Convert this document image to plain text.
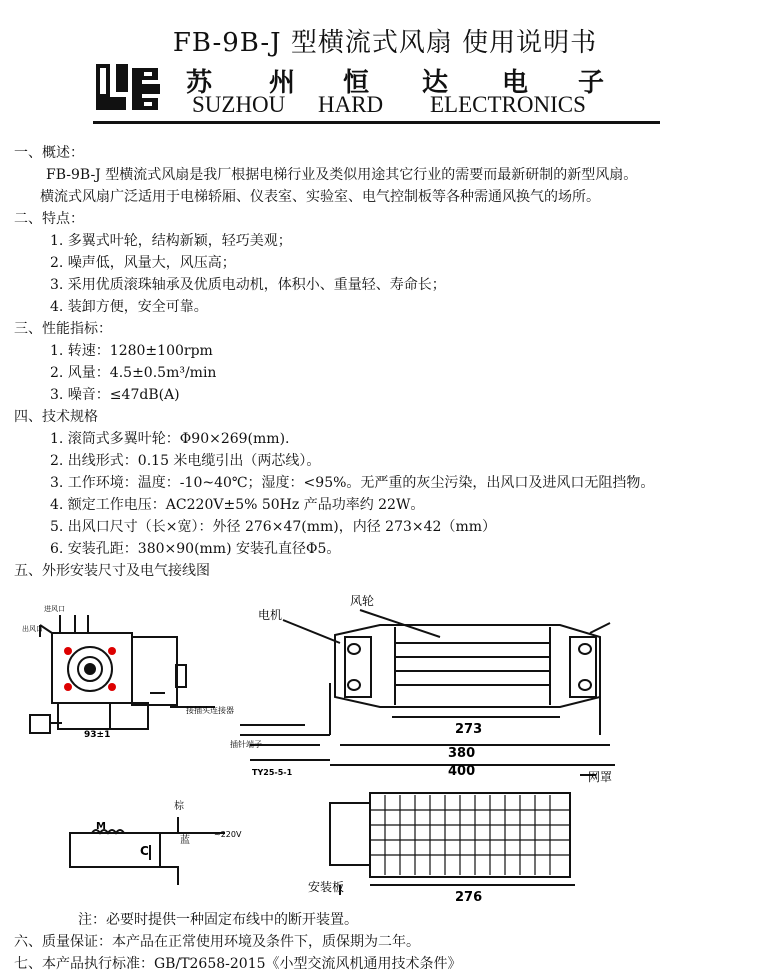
FB-9B-J 型横流式风扇 使用说明书
苏 州 恒 达 电 子
SUZHOU HARD ELECTRONICS
一、概述：
FB-9B-J 型横流式风扇是我厂根据电梯行业及类似用途其它行业的需要而最新研制的新型风扇。
横流式风扇广泛适用于电梯轿厢、仪表室、实验室、电气控制板等各种需通风换气的场所。
二、特点：
1. 多翼式叶轮，结构新颖，轻巧美观；
2. 噪声低，风量大，风压高；
3. 采用优质滚珠轴承及优质电动机，体积小、重量轻、寿命长；
4. 装卸方便，安全可靠。
三、性能指标：
1. 转速：1280±100rpm
2. 风量：4.5±0.5m³/min
3. 噪音：≤47dB(A)
四、技术规格
1. 滚筒式多翼叶轮：Φ90×269(mm).
2. 出线形式：0.15 米电缆引出（两芯线）。
3. 工作环境：温度：-10~40℃；湿度：<95%。无严重的灰尘污染，出风口及进风口无阻挡物。
4. 额定工作电压：AC220V±5% 50Hz 产品功率约 22W。
5. 出风口尺寸（长×宽）：外径 276×47(mm)，内径 273×42（mm）
6. 安装孔距：380×90(mm) 安装孔直径Φ5。
五、外形安装尺寸及电气接线图
进风口
出风口
接插头连接器
93±1
电机
风轮
273
380
400
插针端子
TY25-5-1	网罩
安装板
276
棕
蓝
M
C
~220V
注：必要时提供一种固定布线中的断开装置。
六、质量保证：本产品在正常使用环境及条件下，质保期为二年。
七、本产品执行标准：GB/T2658-2015《小型交流风机通用技术条件》
